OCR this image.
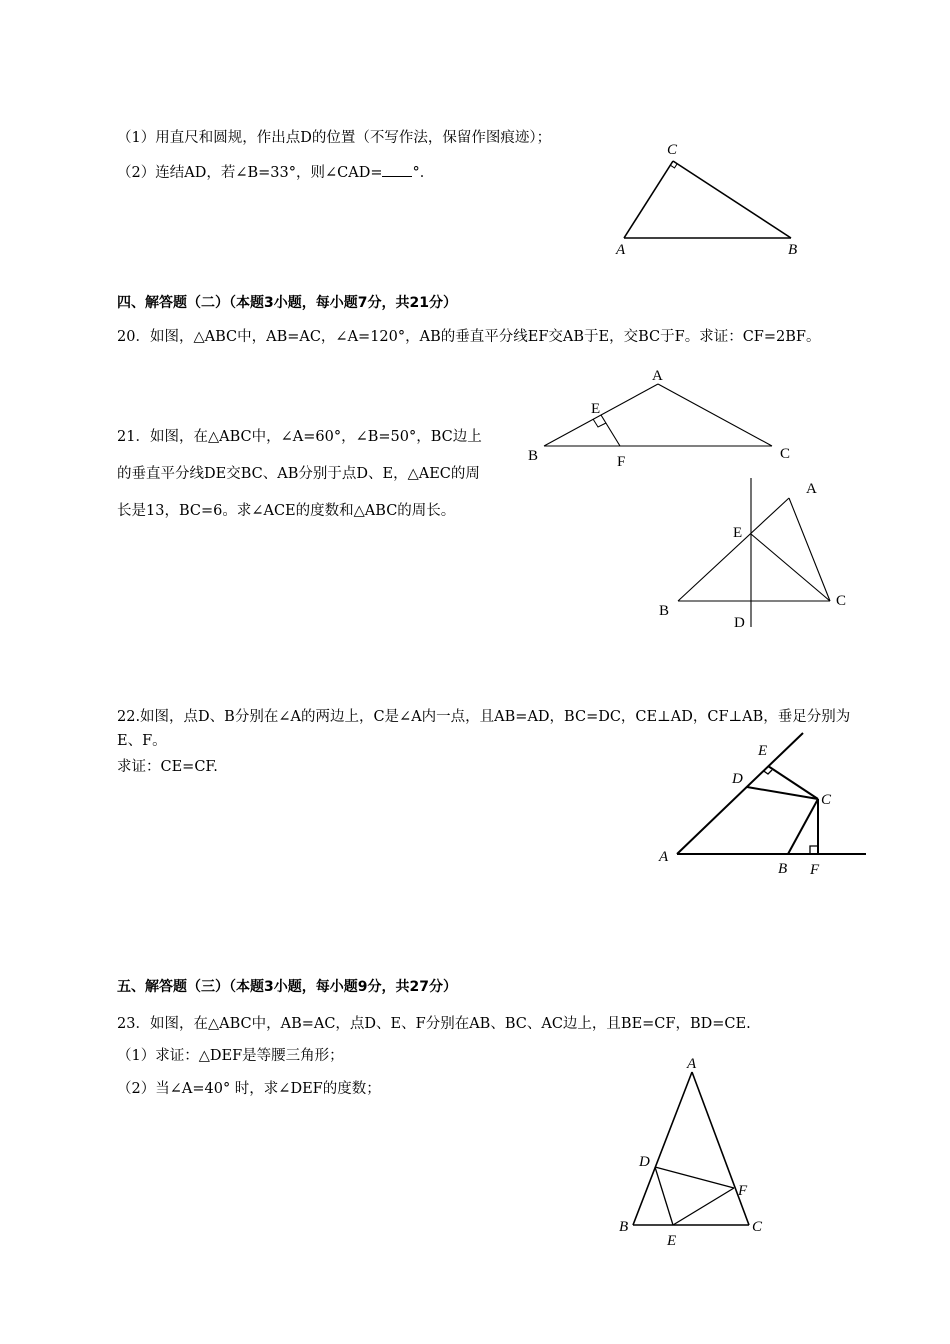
（1）用直尺和圆规，作出点D的位置（不写作法，保留作图痕迹）；
（2）连结AD，若∠B=33°，则∠CAD= °．
C
A	B
四、解答题（二）（本题3小题，每小题7分，共21分）
20．如图，△ABC中，AB=AC，∠A=120°，AB的垂直平分线EF交AB于E，交BC于F。求证：CF=2BF。
A
E
B	F	C
21．如图，在△ABC中，∠A=60°，∠B=50°，BC边上
的垂直平分线DE交BC、AB分别于点D、E，△AEC的周
长是13，BC=6。求∠ACE的度数和△ABC的周长。
A
E
B
C
D
22.如图，点D、B分别在∠A的两边上，C是∠A内一点，且AB=AD，BC=DC，CE⊥AD，CF⊥AB，垂足分别为
E、F。
求证：CE=CF.
E
D
C
A
B F
五、解答题（三）（本题3小题，每小题9分，共27分）
23．如图，在△ABC中，AB=AC，点D、E、F分别在AB、BC、AC边上，且BE=CF，BD=CE.
（1）求证：△DEF是等腰三角形；
（2）当∠A=40° 时，求∠DEF的度数；
A
D
F
B	C
E
